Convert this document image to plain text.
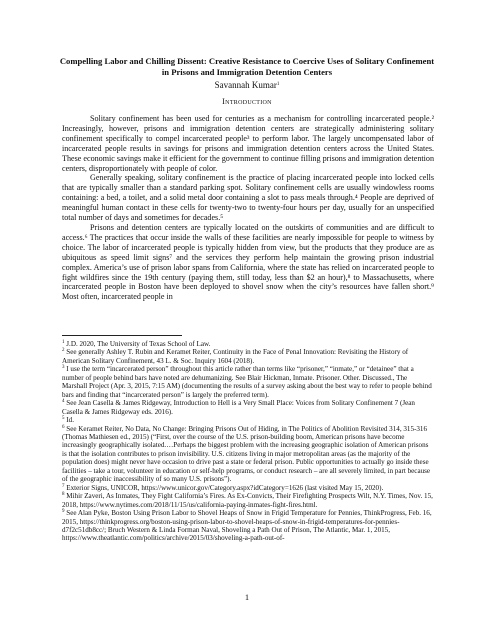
Compelling Labor and Chilling Dissent: Creative Resistance to Coercive Uses of Solitary Confinement in Prisons and Immigration Detention Centers
Savannah Kumar$^1$
Introduction

Solitary confinement has been used for centuries as a mechanism for controlling incarcerated people.² Increasingly, however, prisons and immigration detention centers are strategically administering solitary confinement specifically to compel incarcerated people³ to perform labor. The largely uncompensated labor of incarcerated people results in savings for prisons and immigration detention centers across the United States. These economic savings make it efficient for the government to continue filling prisons and immigration detention centers, disproportionately with people of color.

Generally speaking, solitary confinement is the practice of placing incarcerated people into locked cells that are typically smaller than a standard parking spot. Solitary confinement cells are usually windowless rooms containing: a bed, a toilet, and a solid metal door containing a slot to pass meals through.⁴ People are deprived of meaningful human contact in these cells for twenty-two to twenty-four hours per day, usually for an unspecified total number of days and sometimes for decades.⁵

Prisons and detention centers are typically located on the outskirts of communities and are difficult to access.⁶ The practices that occur inside the walls of these facilities are nearly impossible for people to witness by choice. The labor of incarcerated people is typically hidden from view, but the products that they produce are as ubiquitous as speed limit signs⁷ and the services they perform help maintain the growing prison industrial complex. America’s use of prison labor spans from California, where the state has relied on incarcerated people to fight wildfires since the 19th century (paying them, still today, less than $2 an hour),⁸ to Massachusetts, where incarcerated people in Boston have been deployed to shovel snow when the city’s resources have fallen short.⁹ Most often, incarcerated people in

$^1$ J.D. 2020, The University of Texas School of Law.

$^2$ See generally Ashley T. Rubin and Keramet Reiter, Continuity in the Face of Penal Innovation: Revisiting the History of American Solitary Confinement, 43 L. & Soc. Inquiry 1604 (2018).

$^3$ I use the term “incarcerated person” throughout this article rather than terms like “prisoner,” “inmate,” or “detainee” that a number of people behind bars have noted are dehumanizing. See Blair Hickman, Inmate. Prisoner. Other. Discussed., The Marshall Project (Apr. 3, 2015, 7:15 AM) (documenting the results of a survey asking about the best way to refer to people behind bars and finding that “incarcerated person” is largely the preferred term).

$^4$ See Jean Casella & James Ridgeway, Introduction to Hell is a Very Small Place: Voices from Solitary Confinement 7 (Jean Casella & James Ridgeway eds. 2016).

$^5$ Id.

$^6$ See Keramet Reiter, No Data, No Change: Bringing Prisons Out of Hiding, in The Politics of Abolition Revisited 314, 315-316 (Thomas Mathiesen ed., 2015) (“First, over the course of the U.S. prison-building boom, American prisons have become increasingly geographically isolated.…Perhaps the biggest problem with the increasing geographic isolation of American prisons is that the isolation contributes to prison invisibility. U.S. citizens living in major metropolitan areas (as the majority of the population does) might never have occasion to drive past a state or federal prison. Public opportunities to actually go inside these facilities – take a tour, volunteer in education or self-help programs, or conduct research – are all severely limited, in part because of the geographic inaccessibility of so many U.S. prisons”).

$^7$ Exterior Signs, UNICOR, https://www.unicor.gov/Category.aspx?idCategory=1626 (last visited May 15, 2020).

$^8$ Mihir Zaveri, As Inmates, They Fight California’s Fires. As Ex-Convicts, Their Firefighting Prospects Wilt, N.Y. Times, Nov. 15, 2018, https://www.nytimes.com/2018/11/15/us/california-paying-inmates-fight-fires.html.

$^9$ See Alan Pyke, Boston Using Prison Labor to Shovel Heaps of Snow in Frigid Temperature for Pennies, ThinkProgress, Feb. 16, 2015, https://thinkprogress.org/boston-using-prison-labor-to-shovel-heaps-of-snow-in-frigid-temperatures-for-pennies-d7f2c51db8cc/; Bruch Western & Linda Forman Naval, Shoveling a Path Out of Prison, The Atlantic, Mar. 1, 2015, https://www.theatlantic.com/politics/archive/2015/03/shoveling-a-path-out-of-

1
